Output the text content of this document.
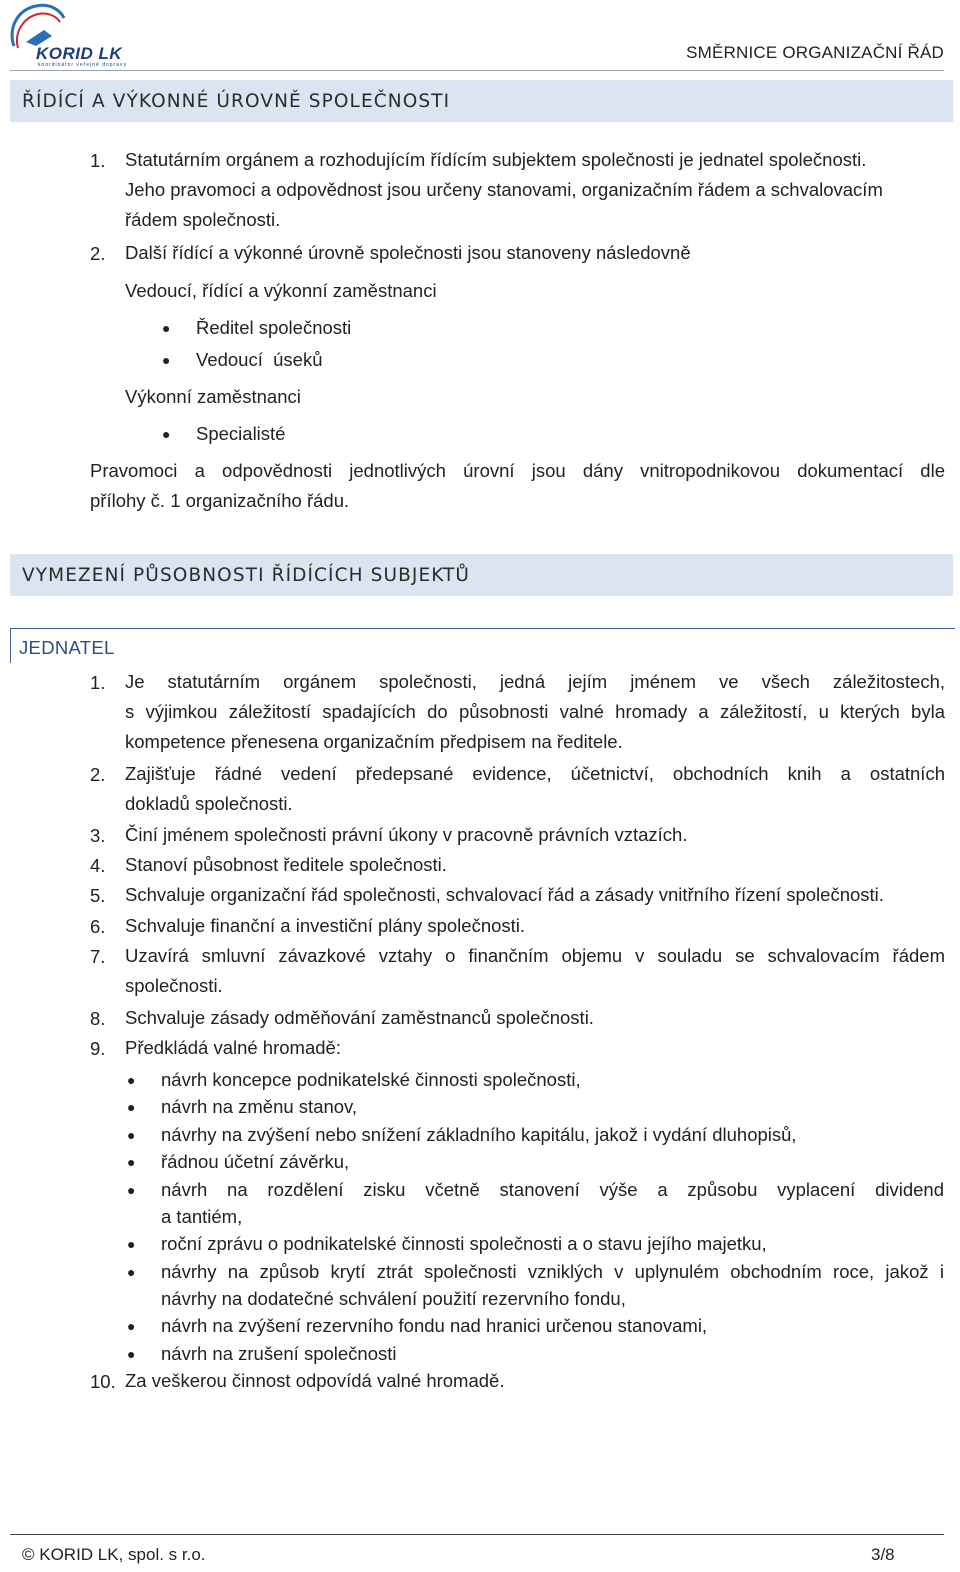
KORID LK
koordinátor veřejné dopravy
SMĚRNICE ORGANIZAČNÍ ŘÁD
ŘÍDÍCÍ A VÝKONNÉ ÚROVNĚ SPOLEČNOSTI
1.	Statutárním orgánem a rozhodujícím řídícím subjektem společnosti je jednatel společnosti.
Jeho pravomoci a odpovědnost jsou určeny stanovami, organizačním řádem a schvalovacím
řádem společnosti.
2.	Další řídící a výkonné úrovně společnosti jsou stanoveny následovně
Vedoucí, řídící a výkonní zaměstnanci
● Ředitel společnosti
● Vedoucí  úseků
Výkonní zaměstnanci
● Specialisté
Pravomoci a odpovědnosti jednotlivých úrovní jsou dány vnitropodnikovou dokumentací dle
přílohy č. 1 organizačního řádu.
VYMEZENÍ PŮSOBNOSTI ŘÍDÍCÍCH SUBJEKTŮ
JEDNATEL
1.	Je statutárním orgánem společnosti, jedná jejím jménem ve všech záležitostech,
s výjimkou záležitostí spadajících do působnosti valné hromady a záležitostí, u kterých byla
kompetence přenesena organizačním předpisem na ředitele.
2.	Zajišťuje řádné vedení předepsané evidence, účetnictví, obchodních knih a ostatních
dokladů společnosti.
3.	Činí jménem společnosti právní úkony v pracovně právních vztazích.
4.	Stanoví působnost ředitele společnosti.
5.	Schvaluje organizační řád společnosti, schvalovací řád a zásady vnitřního řízení společnosti.
6.	Schvaluje finanční a investiční plány společnosti.
7.	Uzavírá smluvní závazkové vztahy o finančním objemu v souladu se schvalovacím řádem
společnosti.
8.	Schvaluje zásady odměňování zaměstnanců společnosti.
9.	Předkládá valné hromadě:
● návrh koncepce podnikatelské činnosti společnosti,
● návrh na změnu stanov,
● návrhy na zvýšení nebo snížení základního kapitálu, jakož i vydání dluhopisů,
● řádnou účetní závěrku,
● návrh na rozdělení zisku včetně stanovení výše a způsobu vyplacení dividend
a tantiém,
● roční zprávu o podnikatelské činnosti společnosti a o stavu jejího majetku,
● návrhy na způsob krytí ztrát společnosti vzniklých v uplynulém obchodním roce, jakož i
návrhy na dodatečné schválení použití rezervního fondu,
● návrh na zvýšení rezervního fondu nad hranici určenou stanovami,
● návrh na zrušení společnosti
10. Za veškerou činnost odpovídá valné hromadě.
© KORID LK, spol. s r.o.	3/8
